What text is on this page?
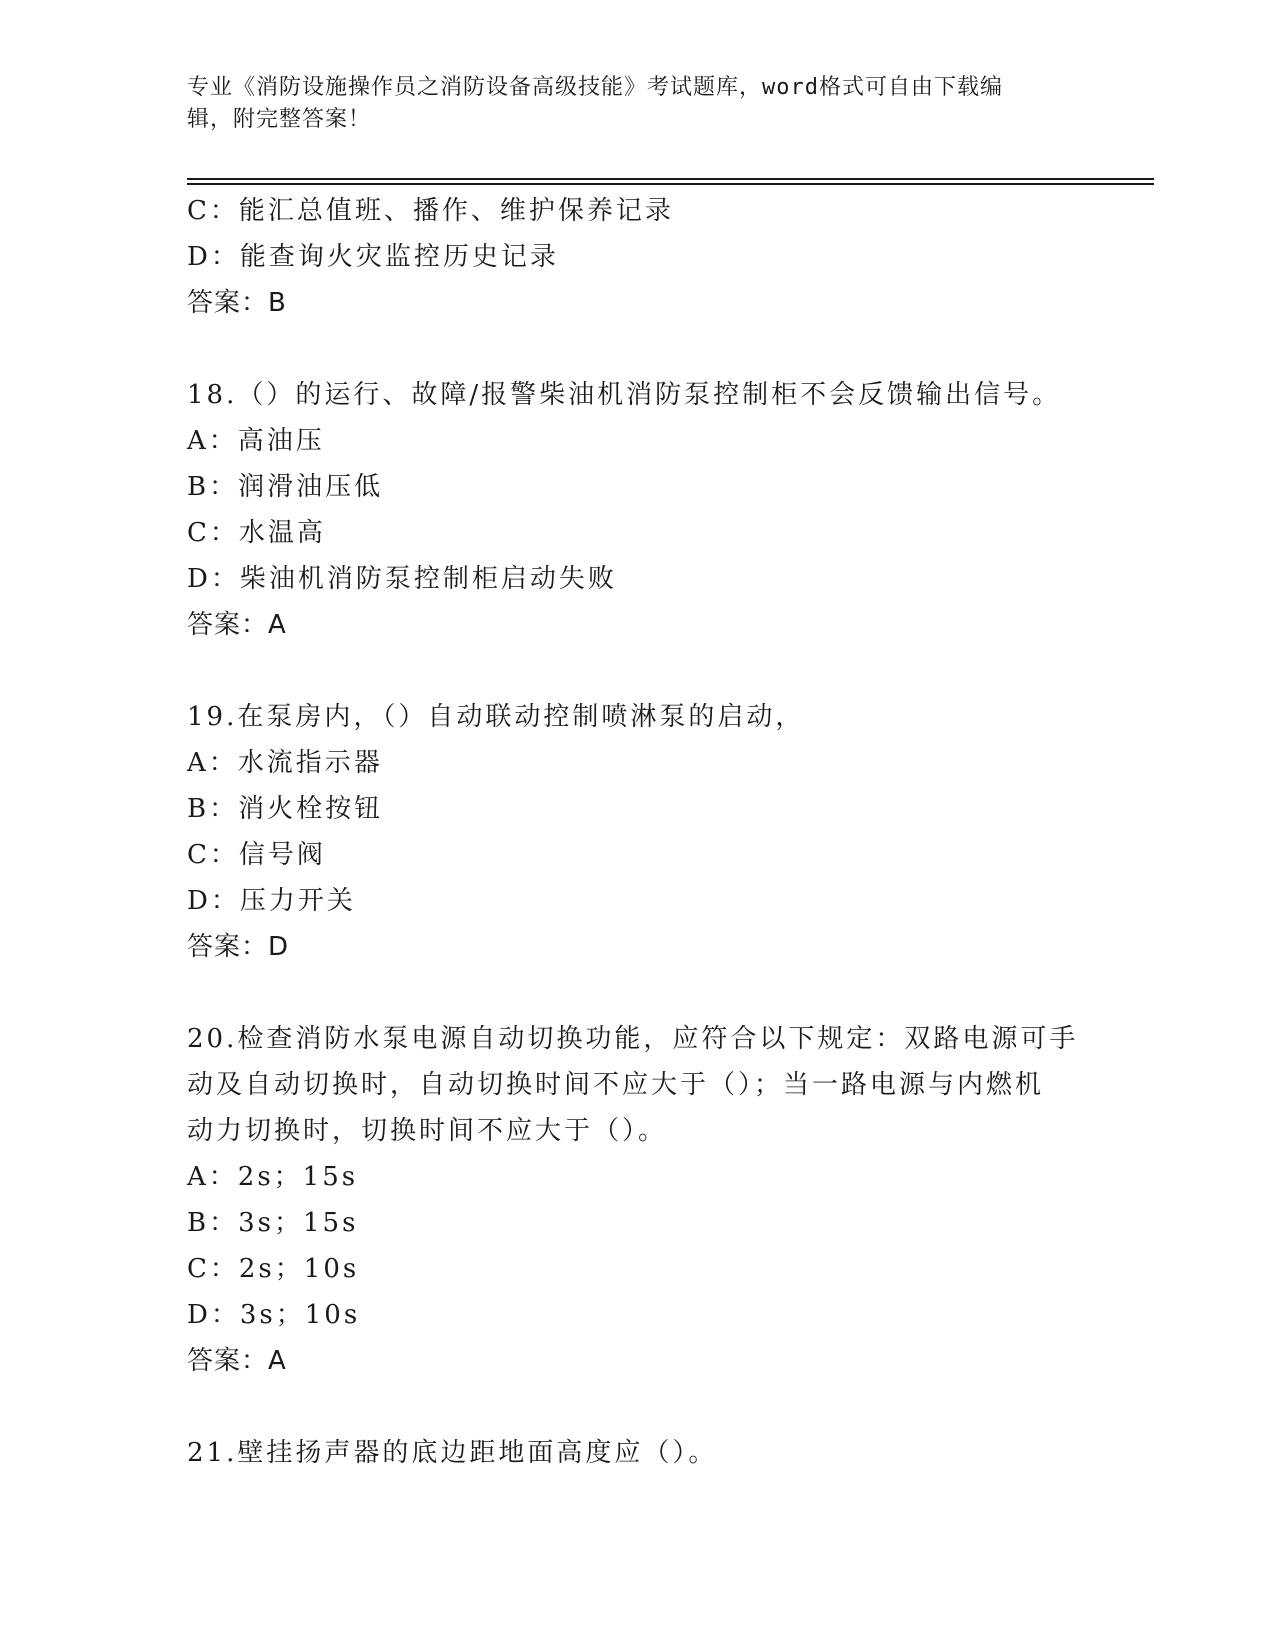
专业《消防设施操作员之消防设备高级技能》考试题库，word格式可自由下载编
辑，附完整答案！
C：能汇总值班、播作、维护保养记录
D：能查询火灾监控历史记录
答案：B
18.（）的运行、故障/报警柴油机消防泵控制柜不会反馈输出信号。
A：高油压
B：润滑油压低
C：水温高
D：柴油机消防泵控制柜启动失败
答案：A
19.在泵房内，（）自动联动控制喷淋泵的启动，
A：水流指示器
B：消火栓按钮
C：信号阀
D：压力开关
答案：D
20.检查消防水泵电源自动切换功能，应符合以下规定：双路电源可手
动及自动切换时，自动切换时间不应大于（）；当一路电源与内燃机
动力切换时，切换时间不应大于（）。
A：2s；15s
B：3s；15s
C：2s；10s
D：3s；10s
答案：A
21.壁挂扬声器的底边距地面高度应（）。
